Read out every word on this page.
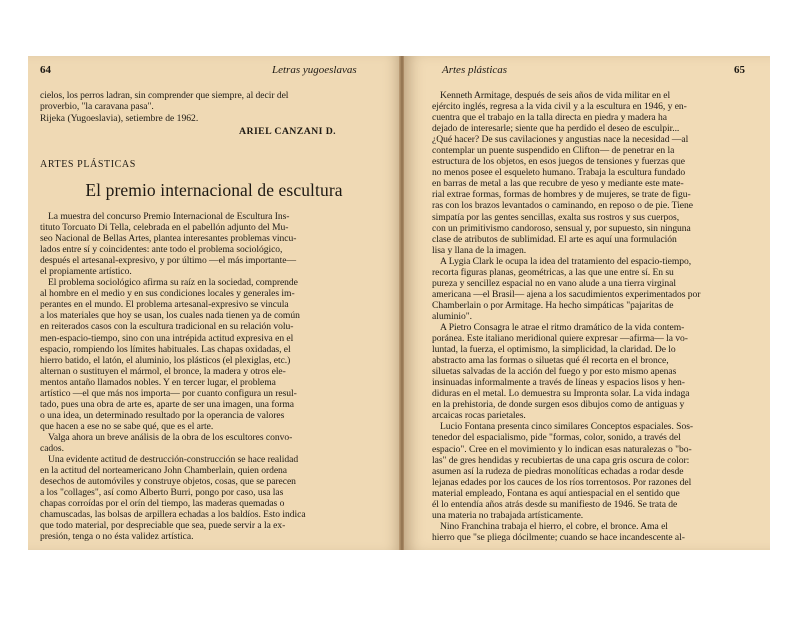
64	Letras yugoeslavas
cielos, los perros ladran, sin comprender que siempre, al decir del
proverbio, "la caravana pasa".
Rijeka (Yugoeslavia), setiembre de 1962.
ARIEL CANZANI D.
ARTES PLÁSTICAS
El premio internacional de escultura
La muestra del concurso Premio Internacional de Escultura Ins-
tituto Torcuato Di Tella, celebrada en el pabellón adjunto del Mu-
seo Nacional de Bellas Artes, plantea interesantes problemas vincu-
lados entre sí y coincidentes: ante todo el problema sociológico,
después el artesanal-expresivo, y por último —el más importante—
el propiamente artístico.
El problema sociológico afirma su raíz en la sociedad, comprende
al hombre en el medio y en sus condiciones locales y generales im-
perantes en el mundo. El problema artesanal-expresivo se vincula
a los materiales que hoy se usan, los cuales nada tienen ya de común
en reiterados casos con la escultura tradicional en su relación volu-
men-espacio-tiempo, sino con una intrépida actitud expresiva en el
espacio, rompiendo los límites habituales. Las chapas oxidadas, el
hierro batido, el latón, el aluminio, los plásticos (el plexiglas, etc.)
alternan o sustituyen el mármol, el bronce, la madera y otros ele-
mentos antaño llamados nobles. Y en tercer lugar, el problema
artístico —el que más nos importa— por cuanto configura un resul-
tado, pues una obra de arte es, aparte de ser una imagen, una forma
o una idea, un determinado resultado por la operancia de valores
que hacen a ese no se sabe qué, que es el arte.
Valga ahora un breve análisis de la obra de los escultores convo-
cados.
Una evidente actitud de destrucción-construcción se hace realidad
en la actitud del norteamericano John Chamberlain, quien ordena
desechos de automóviles y construye objetos, cosas, que se parecen
a los "collages", así como Alberto Burri, pongo por caso, usa las
chapas corroídas por el orín del tiempo, las maderas quemadas o
chamuscadas, las bolsas de arpillera echadas a los baldíos. Esto indica
que todo material, por despreciable que sea, puede servir a la ex-
presión, tenga o no ésta validez artística.
Artes plásticas	65
Kenneth Armitage, después de seis años de vida militar en el
ejército inglés, regresa a la vida civil y a la escultura en 1946, y en-
cuentra que el trabajo en la talla directa en piedra y madera ha
dejado de interesarle; siente que ha perdido el deseo de esculpir...
¿Qué hacer? De sus cavilaciones y angustias nace la necesidad —al
contemplar un puente suspendido en Clifton— de penetrar en la
estructura de los objetos, en esos juegos de tensiones y fuerzas que
no menos posee el esqueleto humano. Trabaja la escultura fundado
en barras de metal a las que recubre de yeso y mediante este mate-
rial extrae formas, formas de hombres y de mujeres, se trate de figu-
ras con los brazos levantados o caminando, en reposo o de pie. Tiene
simpatía por las gentes sencillas, exalta sus rostros y sus cuerpos,
con un primitivismo candoroso, sensual y, por supuesto, sin ninguna
clase de atributos de sublimidad. El arte es aquí una formulación
lisa y llana de la imagen.
A Lygia Clark le ocupa la idea del tratamiento del espacio-tiempo,
recorta figuras planas, geométricas, a las que une entre sí. En su
pureza y sencillez espacial no en vano alude a una tierra virginal
americana —el Brasil— ajena a los sacudimientos experimentados por
Chamberlain o por Armitage. Ha hecho simpáticas "pajaritas de
aluminio".
A Pietro Consagra le atrae el ritmo dramático de la vida contem-
poránea. Este italiano meridional quiere expresar —afirma— la vo-
luntad, la fuerza, el optimismo, la simplicidad, la claridad. De lo
abstracto ama las formas o siluetas qué él recorta en el bronce,
siluetas salvadas de la acción del fuego y por esto mismo apenas
insinuadas informalmente a través de líneas y espacios lisos y hen-
diduras en el metal. Lo demuestra su Impronta solar. La vida indaga
en la prehistoria, de donde surgen esos dibujos como de antiguas y
arcaicas rocas parietales.
Lucio Fontana presenta cinco similares Conceptos espaciales. Sos-
tenedor del espacialismo, pide "formas, color, sonido, a través del
espacio". Cree en el movimiento y lo indican esas naturalezas o "bo-
las" de gres hendidas y recubiertas de una capa gris oscura de color:
asumen así la rudeza de piedras monolíticas echadas a rodar desde
lejanas edades por los cauces de los ríos torrentosos. Por razones del
material empleado, Fontana es aquí antiespacial en el sentido que
él lo entendía años atrás desde su manifiesto de 1946. Se trata de
una materia no trabajada artísticamente.
Nino Franchina trabaja el hierro, el cobre, el bronce. Ama el
hierro que "se pliega dócilmente; cuando se hace incandescente al-
